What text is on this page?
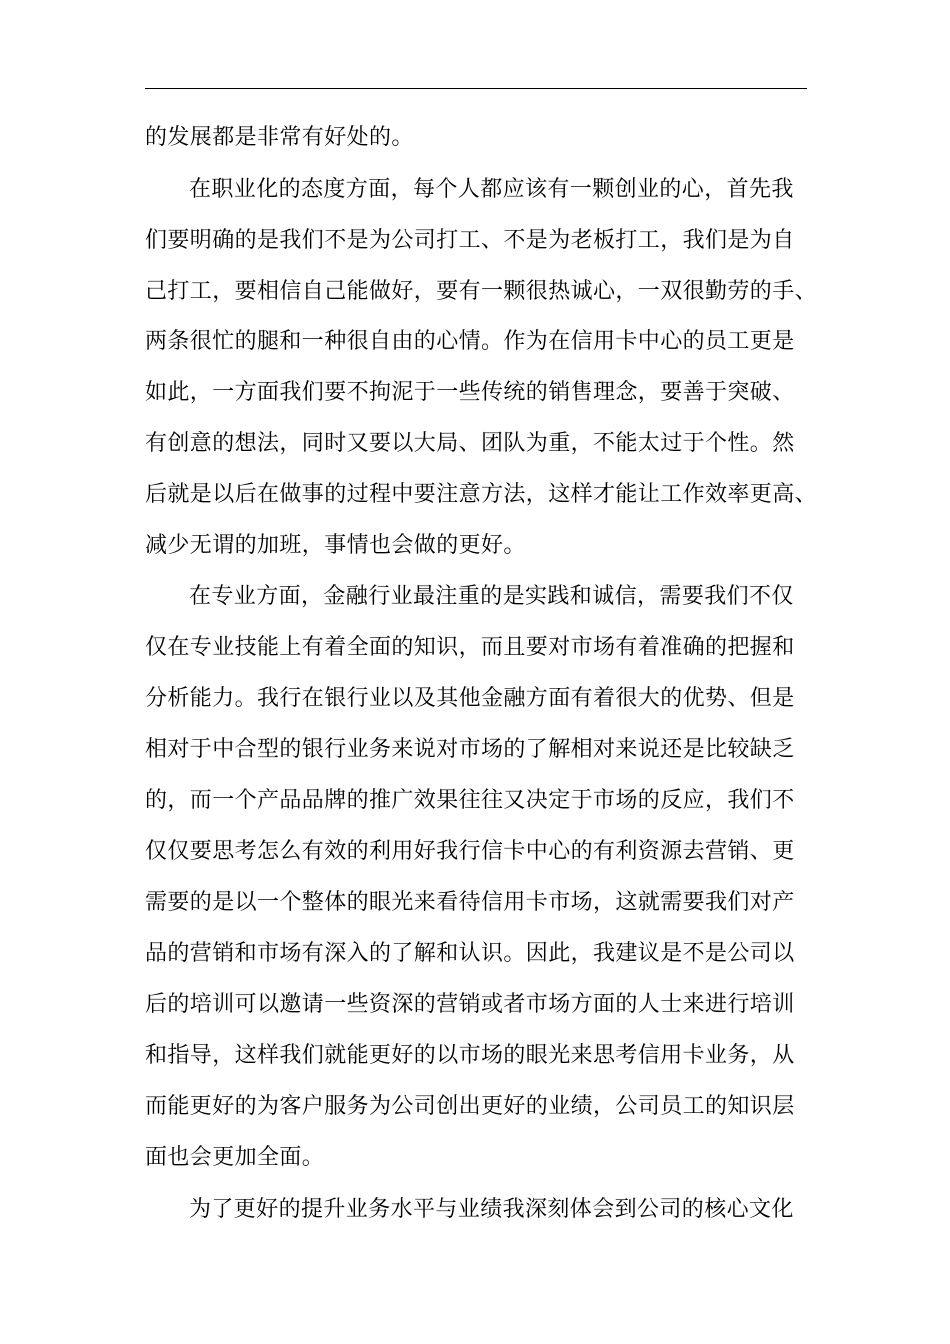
的发展都是非常有好处的。
在职业化的态度方面，每个人都应该有一颗创业的心，首先我
们要明确的是我们不是为公司打工、不是为老板打工，我们是为自
己打工，要相信自己能做好，要有一颗很热诚心，一双很勤劳的手、
两条很忙的腿和一种很自由的心情。作为在信用卡中心的员工更是
如此，一方面我们要不拘泥于一些传统的销售理念，要善于突破、
有创意的想法，同时又要以大局、团队为重，不能太过于个性。然
后就是以后在做事的过程中要注意方法，这样才能让工作效率更高、
减少无谓的加班，事情也会做的更好。
在专业方面，金融行业最注重的是实践和诚信，需要我们不仅
仅在专业技能上有着全面的知识，而且要对市场有着准确的把握和
分析能力。我行在银行业以及其他金融方面有着很大的优势、但是
相对于中合型的银行业务来说对市场的了解相对来说还是比较缺乏
的，而一个产品品牌的推广效果往往又决定于市场的反应，我们不
仅仅要思考怎么有效的利用好我行信卡中心的有利资源去营销、更
需要的是以一个整体的眼光来看待信用卡市场，这就需要我们对产
品的营销和市场有深入的了解和认识。因此，我建议是不是公司以
后的培训可以邀请一些资深的营销或者市场方面的人士来进行培训
和指导，这样我们就能更好的以市场的眼光来思考信用卡业务，从
而能更好的为客户服务为公司创出更好的业绩，公司员工的知识层
面也会更加全面。
为了更好的提升业务水平与业绩我深刻体会到公司的核心文化
